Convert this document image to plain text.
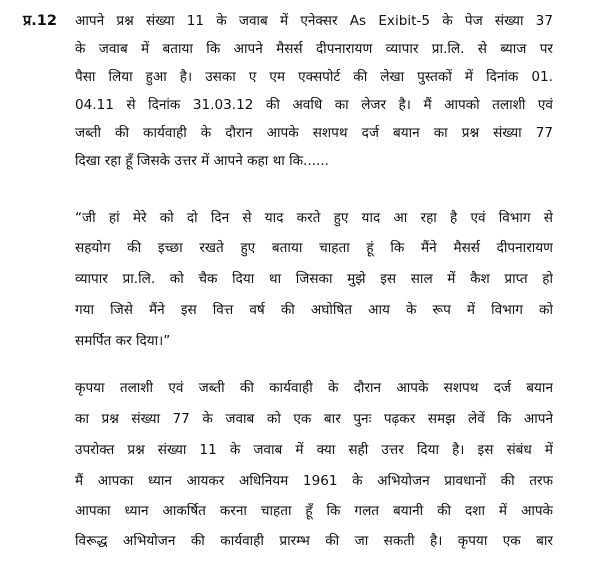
प्र.12 आपने प्रश्न संख्या 11 के जवाब में एनेक्सर As Exibit-5 के पेज संख्या 37
के जवाब में बताया कि आपने मैसर्स दीपनारायण व्यापार प्रा.लि. से ब्याज पर
पैसा लिया हुआ है। उसका ए एम एक्सपोर्ट की लेखा पुस्तकों में दिनांक 01.
04.11 से दिनांक 31.03.12 की अवधि का लेजर है। मैं आपको तलाशी एवं
जब्ती की कार्यवाही के दौरान आपके सशपथ दर्ज बयान का प्रश्न संख्या 77
दिखा रहा हूँ जिसके उत्तर में आपने कहा था कि......
“जी हां मेरे को दो दिन से याद करते हुए याद आ रहा है एवं विभाग से
सहयोग की इच्छा रखते हुए बताया चाहता हूं कि मैंने मैसर्स दीपनारायण
व्यापार प्रा.लि. को चैक दिया था जिसका मुझे इस साल में कैश प्राप्त हो
गया जिसे मैंने इस वित्त वर्ष की अघोषित आय के रूप में विभाग को
समर्पित कर दिया।”
कृपया तलाशी एवं जब्ती की कार्यवाही के दौरान आपके सशपथ दर्ज बयान
का प्रश्न संख्या 77 के जवाब को एक बार पुनः पढ़कर समझ लेवें कि आपने
उपरोक्त प्रश्न संख्या 11 के जवाब में क्या सही उत्तर दिया है। इस संबंध में
मैं आपका ध्यान आयकर अधिनियम 1961 के अभियोजन प्रावधानों की तरफ
आपका ध्यान आकर्षित करना चाहता हूँ कि गलत बयानी की दशा में आपके
विरूद्ध अभियोजन की कार्यवाही प्रारम्भ की जा सकती है। कृपया एक बार
